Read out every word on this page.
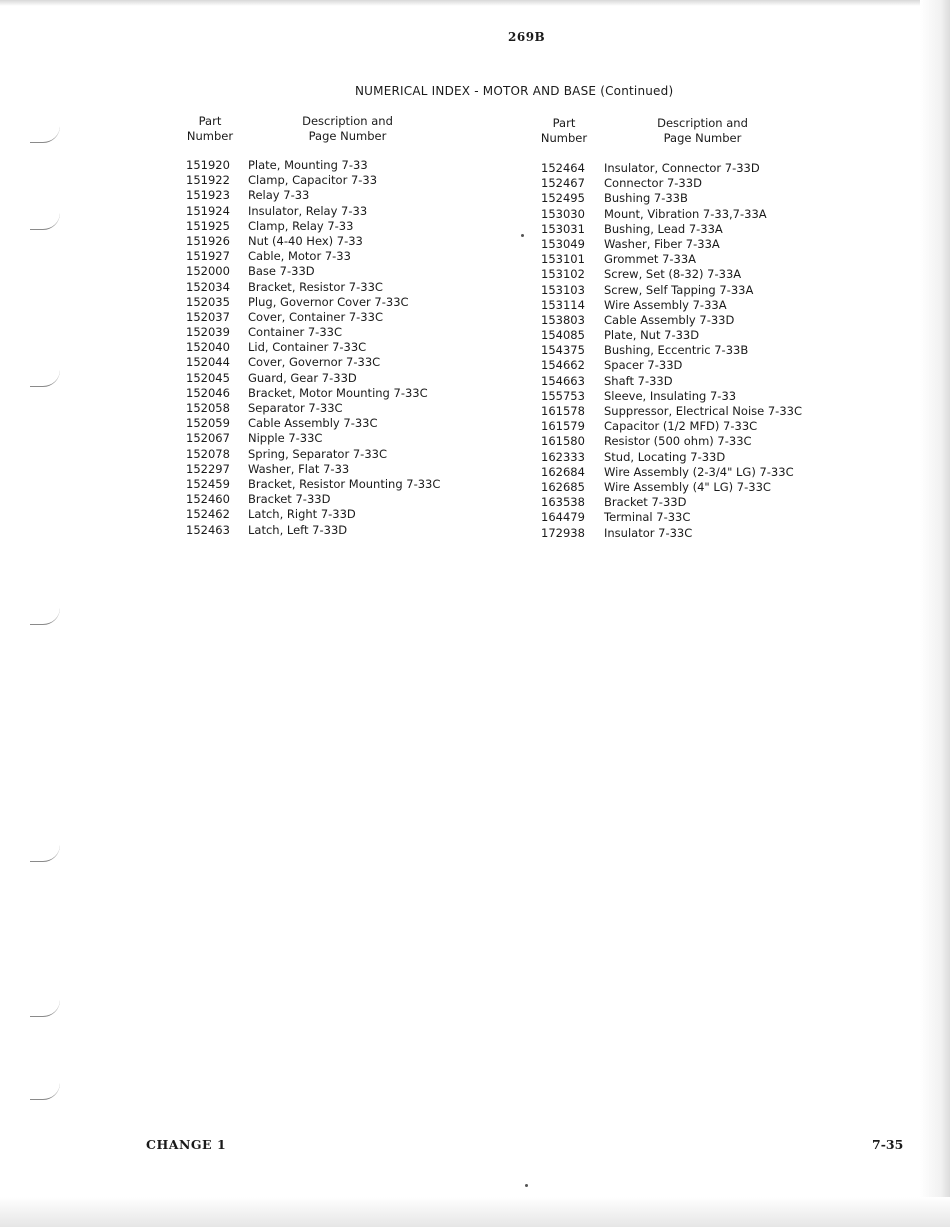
269B
NUMERICAL INDEX - MOTOR AND BASE (Continued)
Part
Number
Description and
Page Number
Part
Number
Description and
Page Number
151920 Plate, Mounting 7-33
151922 Clamp, Capacitor 7-33
151923 Relay 7-33
151924 Insulator, Relay 7-33
151925 Clamp, Relay 7-33
151926 Nut (4-40 Hex) 7-33
151927 Cable, Motor 7-33
152000 Base 7-33D
152034 Bracket, Resistor 7-33C
152035 Plug, Governor Cover 7-33C
152037 Cover, Container 7-33C
152039 Container 7-33C
152040 Lid, Container 7-33C
152044 Cover, Governor 7-33C
152045 Guard, Gear 7-33D
152046 Bracket, Motor Mounting 7-33C
152058 Separator 7-33C
152059 Cable Assembly 7-33C
152067 Nipple 7-33C
152078 Spring, Separator 7-33C
152297 Washer, Flat 7-33
152459 Bracket, Resistor Mounting 7-33C
152460 Bracket 7-33D
152462 Latch, Right 7-33D
152463 Latch, Left 7-33D
152464 Insulator, Connector 7-33D
152467 Connector 7-33D
152495 Bushing 7-33B
153030 Mount, Vibration 7-33,7-33A
153031 Bushing, Lead 7-33A
153049 Washer, Fiber 7-33A
153101 Grommet 7-33A
153102 Screw, Set (8-32) 7-33A
153103 Screw, Self Tapping 7-33A
153114 Wire Assembly 7-33A
153803 Cable Assembly 7-33D
154085 Plate, Nut 7-33D
154375 Bushing, Eccentric 7-33B
154662 Spacer 7-33D
154663 Shaft 7-33D
155753 Sleeve, Insulating 7-33
161578 Suppressor, Electrical Noise 7-33C
161579 Capacitor (1/2 MFD) 7-33C
161580 Resistor (500 ohm) 7-33C
162333 Stud, Locating 7-33D
162684 Wire Assembly (2-3/4" LG) 7-33C
162685 Wire Assembly (4" LG) 7-33C
163538 Bracket 7-33D
164479 Terminal 7-33C
172938 Insulator 7-33C
CHANGE 1	7-35
